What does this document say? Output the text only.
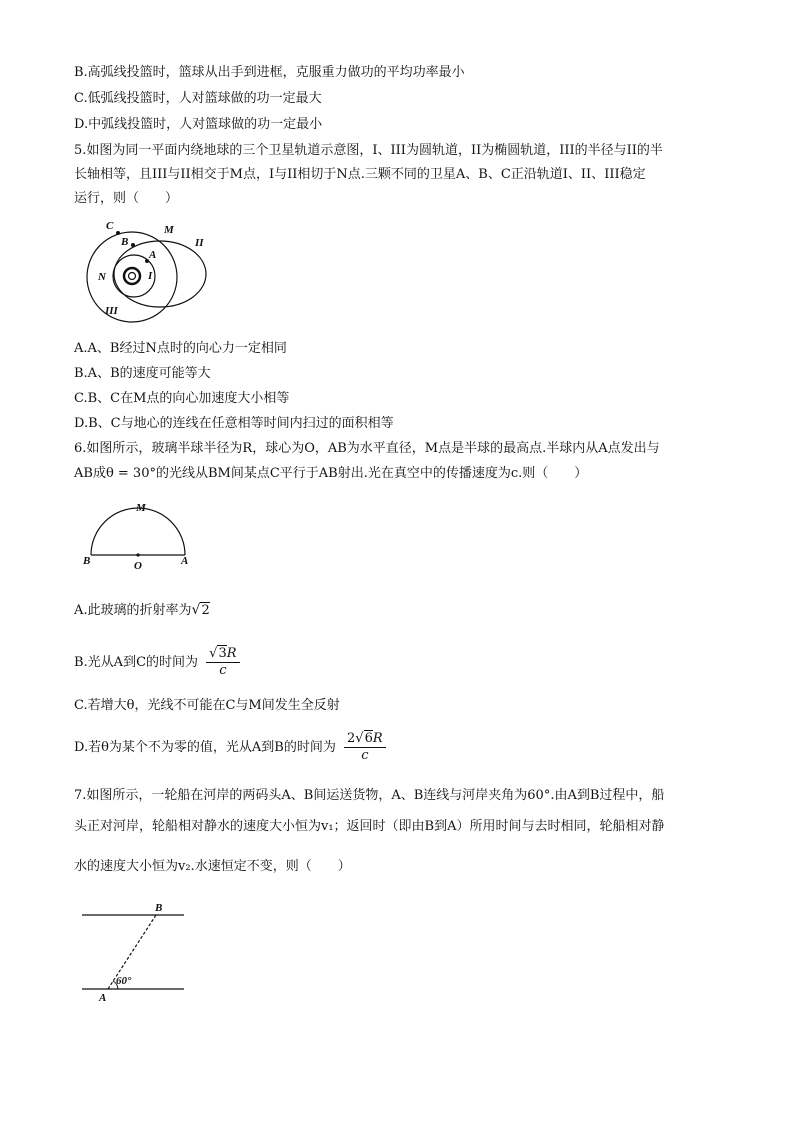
B.高弧线投篮时，篮球从出手到进框，克服重力做功的平均功率最小
C.低弧线投篮时，人对篮球做的功一定最大
D.中弧线投篮时，人对篮球做的功一定最小
5.如图为同一平面内绕地球的三个卫星轨道示意图，I、III为圆轨道，II为椭圆轨道，III的半径与II的半
长轴相等，且III与II相交于M点，I与II相切于N点.三颗不同的卫星A、B、C正沿轨道I、II、III稳定
运行，则（　　）
C	M
II
B
A
N	I
III
A.A、B经过N点时的向心力一定相同
B.A、B的速度可能等大
C.B、C在M点的向心加速度大小相等
D.B、C与地心的连线在任意相等时间内扫过的面积相等
6.如图所示，玻璃半球半径为R，球心为O，AB为水平直径，M点是半球的最高点.半球内从A点发出与
AB成θ = 30°的光线从BM间某点C平行于AB射出.光在真空中的传播速度为c.则（　　）
M
B	O	A
A.此玻璃的折射率为√2
B.光从A到C的时间为 $\frac{√3R}{c}$
C.若增大θ，光线不可能在C与M间发生全反射
D.若θ为某个不为零的值，光从A到B的时间为 $\frac{2√6R}{c}$
7.如图所示，一轮船在河岸的两码头A、B间运送货物，A、B连线与河岸夹角为60°.由A到B过程中，船
头正对河岸，轮船相对静水的速度大小恒为v₁；返回时（即由B到A）所用时间与去时相同，轮船相对静
水的速度大小恒为v₂.水速恒定不变，则（　　）
B
A
60°
